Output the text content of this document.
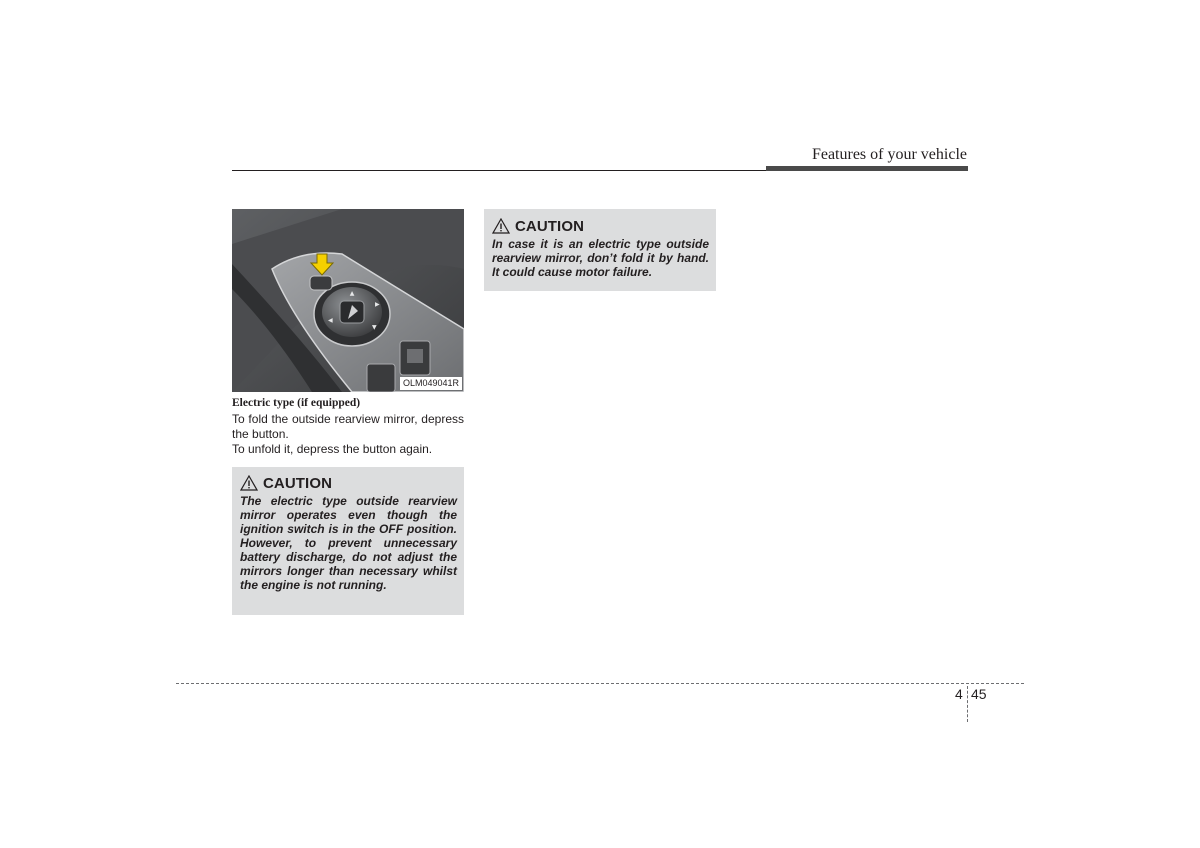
Features of your vehicle
▲
▶
◀
▼
OLM049041R
Electric type (if equipped)
To fold the outside rearview mirror, depress the button.
To unfold it, depress the button again.
CAUTION
The electric type outside rearview mirror operates even though the ignition switch is in the OFF position. However, to prevent unnecessary battery discharge, do not adjust the mirrors longer than necessary whilst the engine is not running.
CAUTION
In case it is an electric type outside rearview mirror, don’t fold it by hand. It could cause motor failure.
4 45
